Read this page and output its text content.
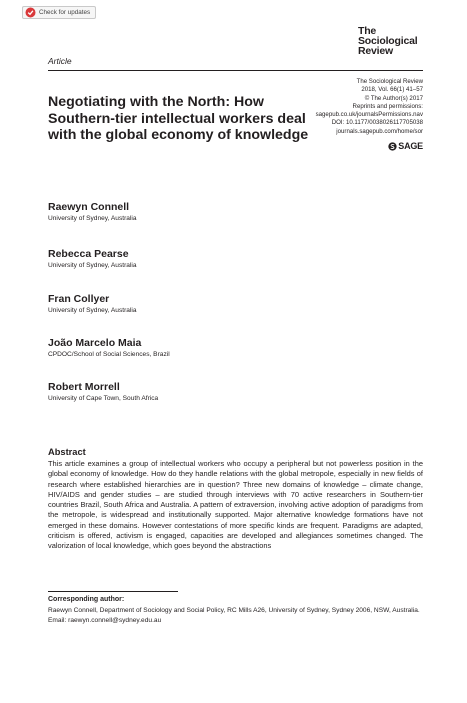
Check for updates
The
Sociological
Review
Article
The Sociological Review
2018, Vol. 66(1) 41–57
© The Author(s) 2017
Reprints and permissions:
sagepub.co.uk/journalsPermissions.nav
DOI: 10.1177/0038026117705038
journals.sagepub.com/home/sor
SAGE
Negotiating with the North: How Southern-tier intellectual workers deal with the global economy of knowledge
Raewyn Connell
University of Sydney, Australia
Rebecca Pearse
University of Sydney, Australia
Fran Collyer
University of Sydney, Australia
João Marcelo Maia
CPDOC/School of Social Sciences, Brazil
Robert Morrell
University of Cape Town, South Africa
Abstract

This article examines a group of intellectual workers who occupy a peripheral but not powerless position in the global economy of knowledge. How do they handle relations with the global metropole, especially in new fields of research where established hierarchies are in question? Three new domains of knowledge – climate change, HIV/AIDS and gender studies – are studied through interviews with 70 active researchers in Southern-tier countries Brazil, South Africa and Australia. A pattern of extraversion, involving active adoption of paradigms from the metropole, is widespread and institutionally supported. Major alternative knowledge formations have not emerged in these domains. However contestations of more specific kinds are frequent. Paradigms are adapted, criticism is offered, activism is engaged, capacities are developed and allegiances sometimes changed. The valorization of local knowledge, which goes beyond the abstractions

Corresponding author:

Raewyn Connell, Department of Sociology and Social Policy, RC Mills A26, University of Sydney, Sydney 2006, NSW, Australia.
Email: raewyn.connell@sydney.edu.au
